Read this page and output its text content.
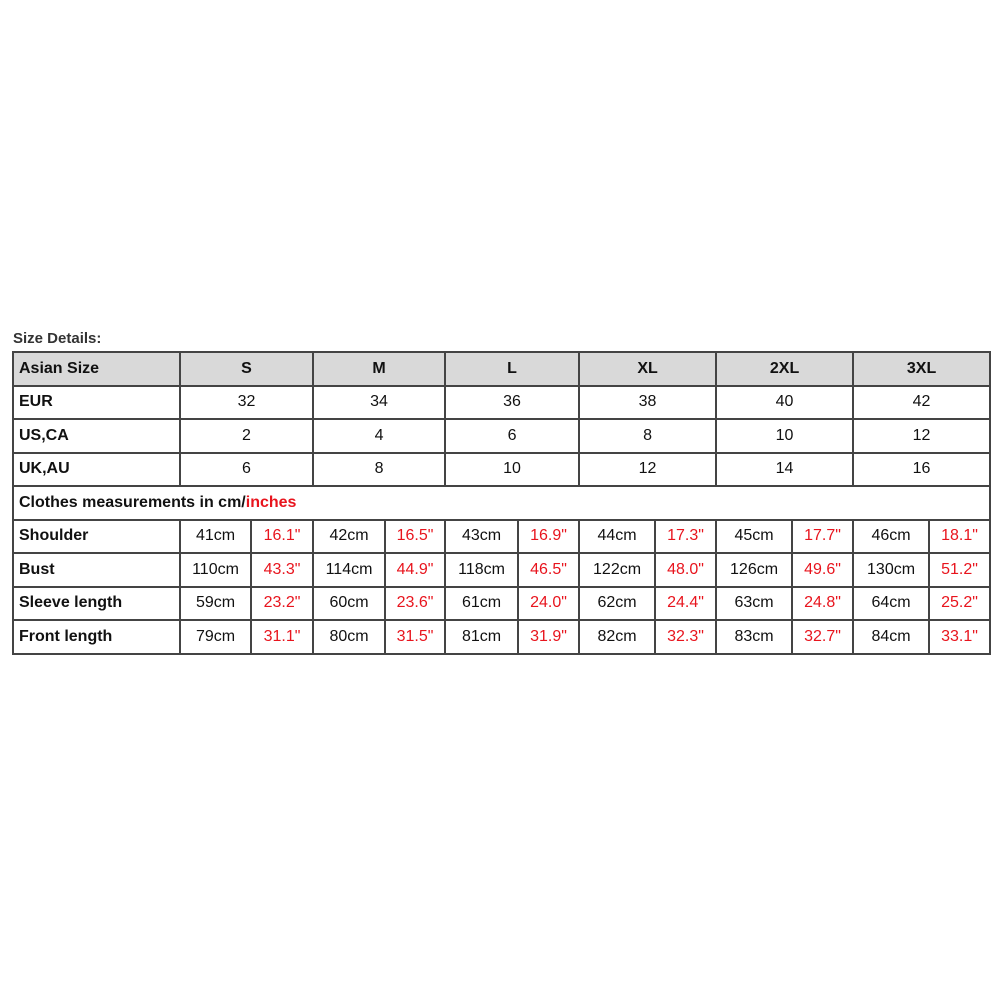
Size Details:
Asian Size	S		M		L		XL		2XL		3XL	
EUR	32		34		36		38		40		42	
US,CA	2		4		6		8		10		12	
UK,AU	6		8		10		12		14		16	
Clothes measurements in cm/inches												
Shoulder	41cm	16.1"	42cm	16.5"	43cm	16.9"	44cm	17.3"	45cm	17.7"	46cm	18.1"
Bust	110cm	43.3"	114cm	44.9"	118cm	46.5"	122cm	48.0"	126cm	49.6"	130cm	51.2"
Sleeve length	59cm	23.2"	60cm	23.6"	61cm	24.0"	62cm	24.4"	63cm	24.8"	64cm	25.2"
Front length	79cm	31.1"	80cm	31.5"	81cm	31.9"	82cm	32.3"	83cm	32.7"	84cm	33.1"
